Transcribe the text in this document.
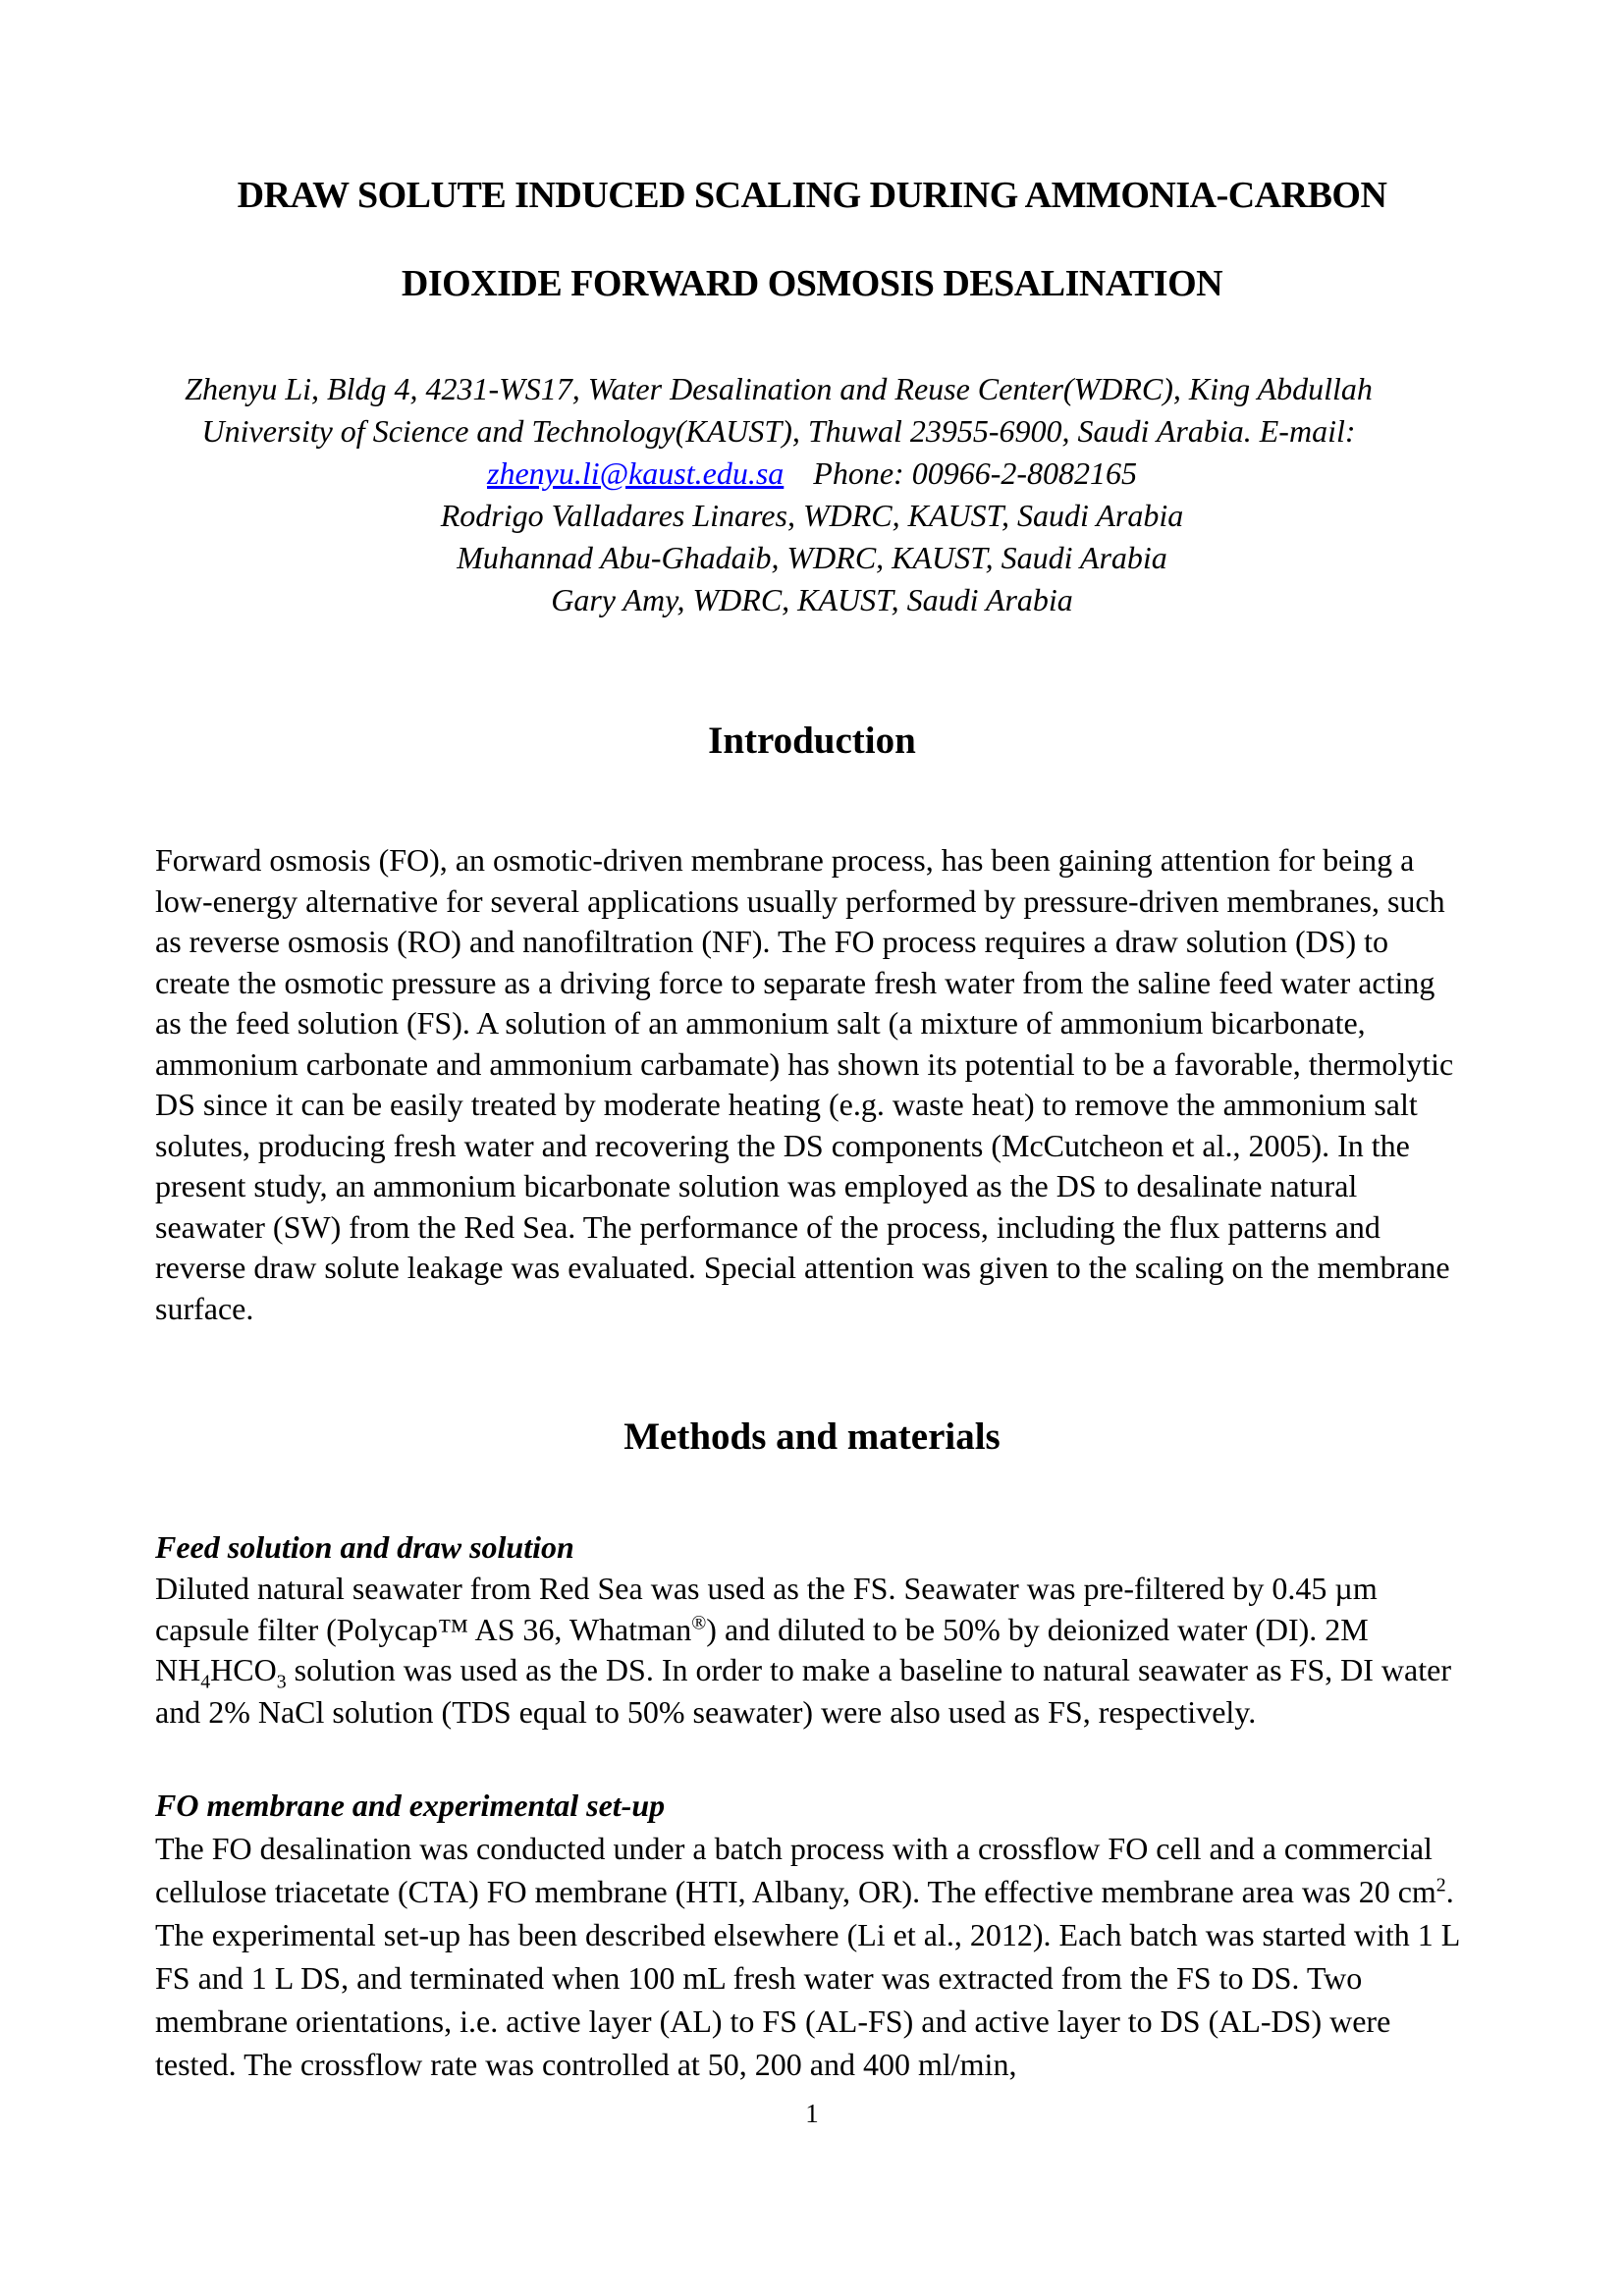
DRAW SOLUTE INDUCED SCALING DURING AMMONIA-CARBON
DIOXIDE FORWARD OSMOSIS DESALINATION

Zhenyu Li, Bldg 4, 4231-WS17, Water Desalination and Reuse Center(WDRC), King Abdullah University of Science and Technology(KAUST), Thuwal 23955-6900, Saudi Arabia. E-mail:

zhenyu.li@kaust.edu.sa Phone: 00966-2-8082165

Rodrigo Valladares Linares, WDRC, KAUST, Saudi Arabia

Muhannad Abu-Ghadaib, WDRC, KAUST, Saudi Arabia

Gary Amy, WDRC, KAUST, Saudi Arabia

Introduction

Forward osmosis (FO), an osmotic-driven membrane process, has been gaining attention for being a low-energy alternative for several applications usually performed by pressure-driven membranes, such as reverse osmosis (RO) and nanofiltration (NF). The FO process requires a draw solution (DS) to create the osmotic pressure as a driving force to separate fresh water from the saline feed water acting as the feed solution (FS). A solution of an ammonium salt (a mixture of ammonium bicarbonate, ammonium carbonate and ammonium carbamate) has shown its potential to be a favorable, thermolytic DS since it can be easily treated by moderate heating (e.g. waste heat) to remove the ammonium salt solutes, producing fresh water and recovering the DS components (McCutcheon et al., 2005). In the present study, an ammonium bicarbonate solution was employed as the DS to desalinate natural seawater (SW) from the Red Sea. The performance of the process, including the flux patterns and reverse draw solute leakage was evaluated. Special attention was given to the scaling on the membrane surface.

Methods and materials
Feed solution and draw solution

Diluted natural seawater from Red Sea was used as the FS. Seawater was pre-filtered by 0.45 µm capsule filter (Polycap™ AS 36, Whatman®) and diluted to be 50% by deionized water (DI). 2M $NH_4HCO_3$ solution was used as the DS. In order to make a baseline to natural seawater as FS, DI water and 2% NaCl solution (TDS equal to 50% seawater) were also used as FS, respectively.

FO membrane and experimental set-up

The FO desalination was conducted under a batch process with a crossflow FO cell and a commercial cellulose triacetate (CTA) FO membrane (HTI, Albany, OR). The effective membrane area was 20 $cm^2$. The experimental set-up has been described elsewhere (Li et al., 2012). Each batch was started with 1 L FS and 1 L DS, and terminated when 100 mL fresh water was extracted from the FS to DS. Two membrane orientations, i.e. active layer (AL) to FS (AL-FS) and active layer to DS (AL-DS) were tested. The crossflow rate was controlled at 50, 200 and 400 ml/min,

1
